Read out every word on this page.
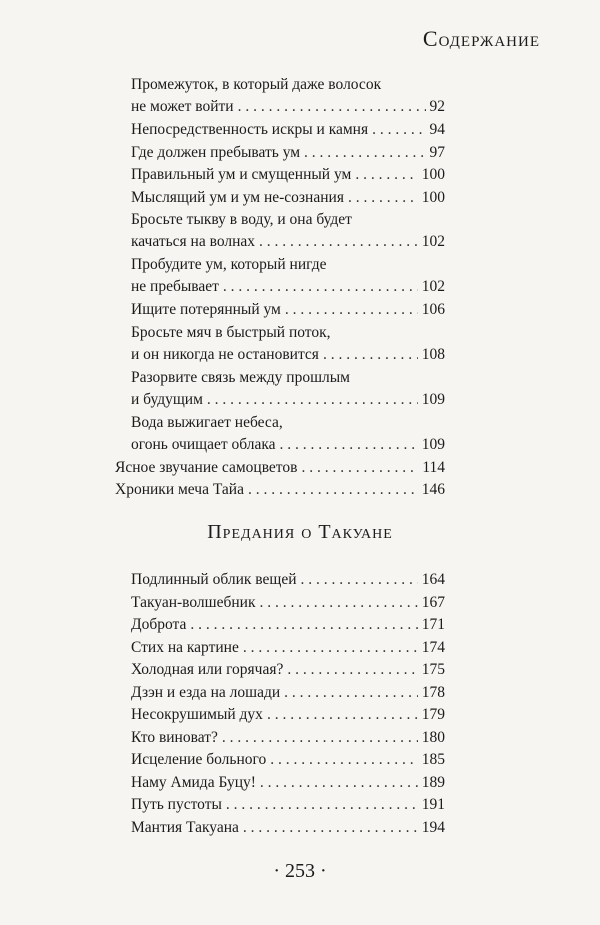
Содержание
Промежуток, в который даже волосок
не может войти . . .	92
Непосредственность искры и камня . . .	94
Где должен пребывать ум . . .	97
Правильный ум и смущенный ум . . .	100
Мыслящий ум и ум не-сознания . . .	100
Бросьте тыкву в воду, и она будет
качаться на волнах . . .	102
Пробудите ум, который нигде
не пребывает . . .	102
Ищите потерянный ум . . .	106
Бросьте мяч в быстрый поток,
и он никогда не остановится . . .	108
Разорвите связь между прошлым
и будущим . . .	109
Вода выжигает небеса,
огонь очищает облака . . .	109
Ясное звучание самоцветов . . .	114
Хроники меча Тайа . . .	146
Подлинный облик вещей . . .	164
Такуан-волшебник . . .	167
Доброта . . .	171
Стих на картине . . .	174
Холодная или горячая? . . .	175
Дзэн и езда на лошади . . .	178
Несокрушимый дух . . .	179
Кто виноват? . . .	180
Исцеление больного . . .	185
Наму Амида Буцу! . . .	189
Путь пустоты . . .	191
Мантия Такуана . . .	194
Предания о Такуане
· 253 ·
